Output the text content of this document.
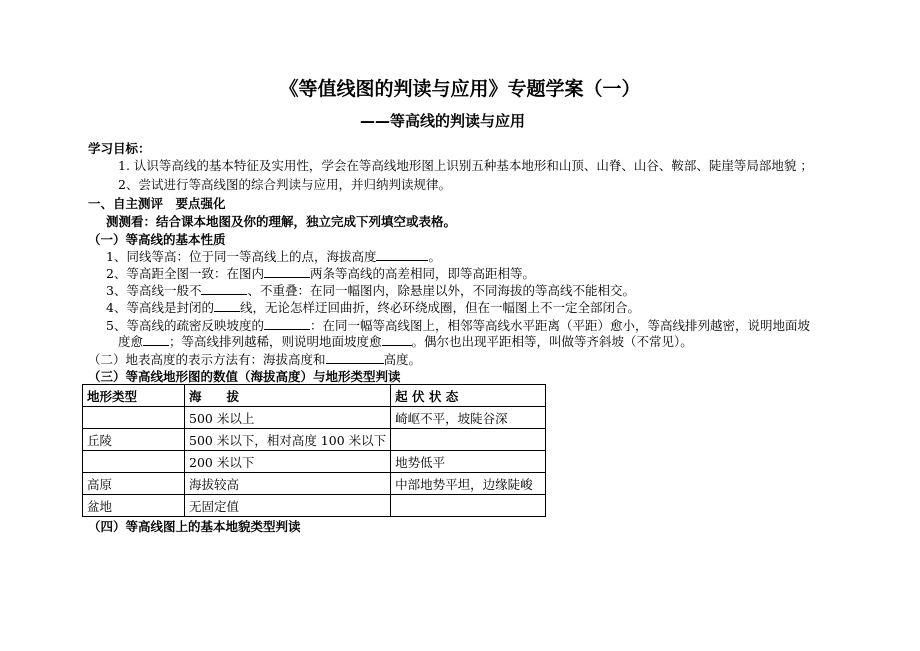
《等值线图的判读与应用》专题学案（一）
——等高线的判读与应用
学习目标：
1. 认识等高线的基本特征及实用性，学会在等高线地形图上识别五种基本地形和山顶、山脊、山谷、鞍部、陡崖等局部地貌 ；
2、尝试进行等高线图的综合判读与应用，并归纳判读规律。
一、自主测评　要点强化
测测看：结合课本地图及你的理解，独立完成下列填空或表格。
（一）等高线的基本性质
1、同线等高：位于同一等高线上的点，海拔高度	。
2、等高距全图一致：在图内	两条等高线的高差相同，即等高距相等。
3、等高线一般不	、不重叠：在同一幅图内，除悬崖以外，不同海拔的等高线不能相交。
4、等高线是封闭的 线，无论怎样迂回曲折，终必环绕成圈，但在一幅图上不一定全部闭合。
5、等高线的疏密反映坡度的	：在同一幅等高线图上，相邻等高线水平距离（平距）愈小，等高线排列越密，说明地面坡
度愈 ；等高线排列越稀，则说明地面坡度愈 。偶尔也出现平距相等，叫做等齐斜坡（不常见）。
（二）地表高度的表示方法有：海拔高度和	高度。
（三）等高线地形图的数值（海拔高度）与地形类型判读
地形类型	海　　拔	起 伏 状 态
	500 米以上	崎岖不平，坡陡谷深
丘陵	500 米以下，相对高度 100 米以下	
	200 米以下	地势低平
高原	海拔较高	中部地势平坦，边缘陡峻
盆地	无固定值	
（四）等高线图上的基本地貌类型判读
